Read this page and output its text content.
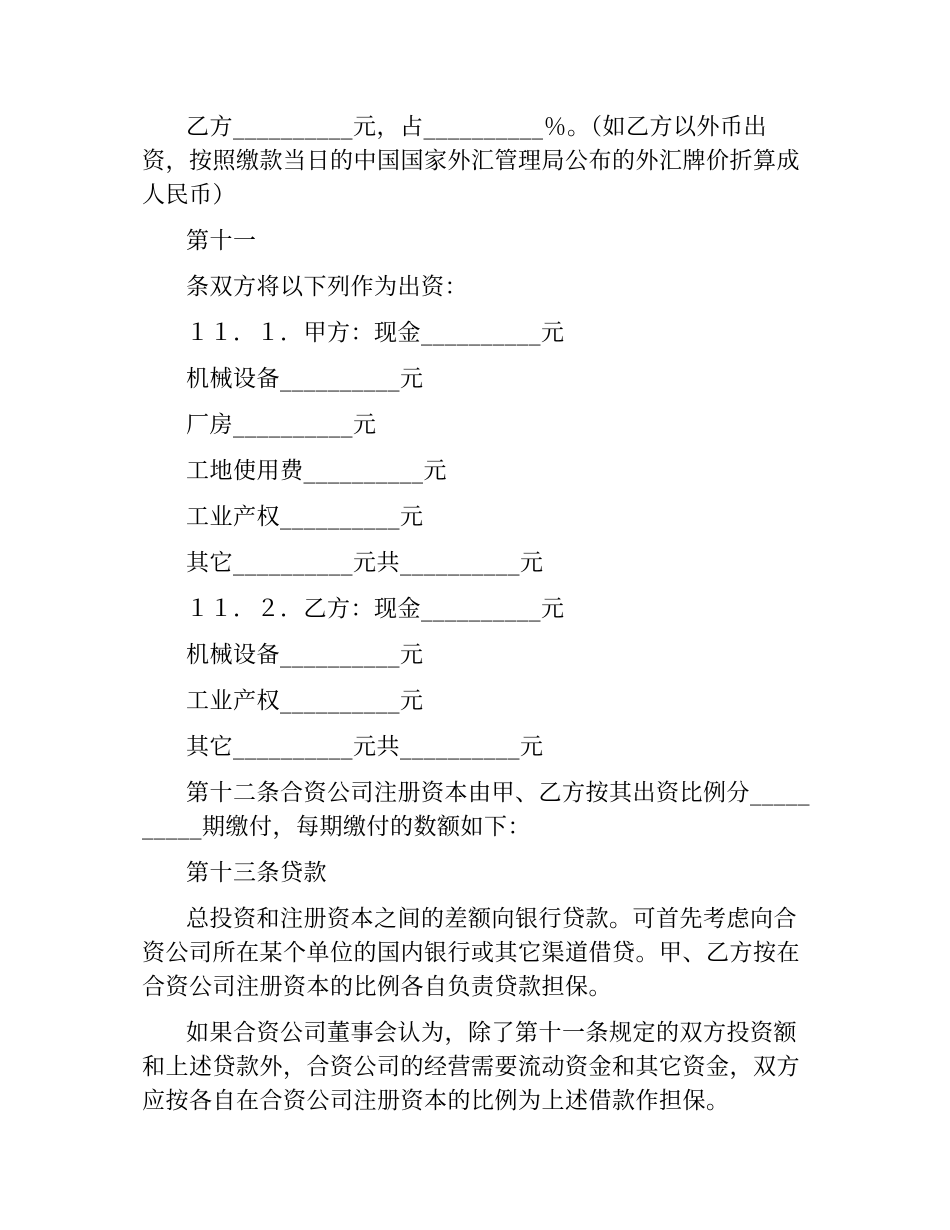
乙方__________元，占__________％。（如乙方以外币出资，按照缴款当日的中国国家外汇管理局公布的外汇牌价折算成人民币）

第十一

条双方将以下列作为出资：

１１．１．甲方：现金__________元

机械设备__________元

厂房__________元

工地使用费__________元

工业产权__________元

其它__________元共__________元

１１．２．乙方：现金__________元

机械设备__________元

工业产权__________元

其它__________元共__________元

第十二条合资公司注册资本由甲、乙方按其出资比例分__________期缴付，每期缴付的数额如下：

第十三条贷款

总投资和注册资本之间的差额向银行贷款。可首先考虑向合资公司所在某个单位的国内银行或其它渠道借贷。甲、乙方按在合资公司注册资本的比例各自负责贷款担保。

如果合资公司董事会认为，除了第十一条规定的双方投资额和上述贷款外，合资公司的经营需要流动资金和其它资金，双方应按各自在合资公司注册资本的比例为上述借款作担保。
